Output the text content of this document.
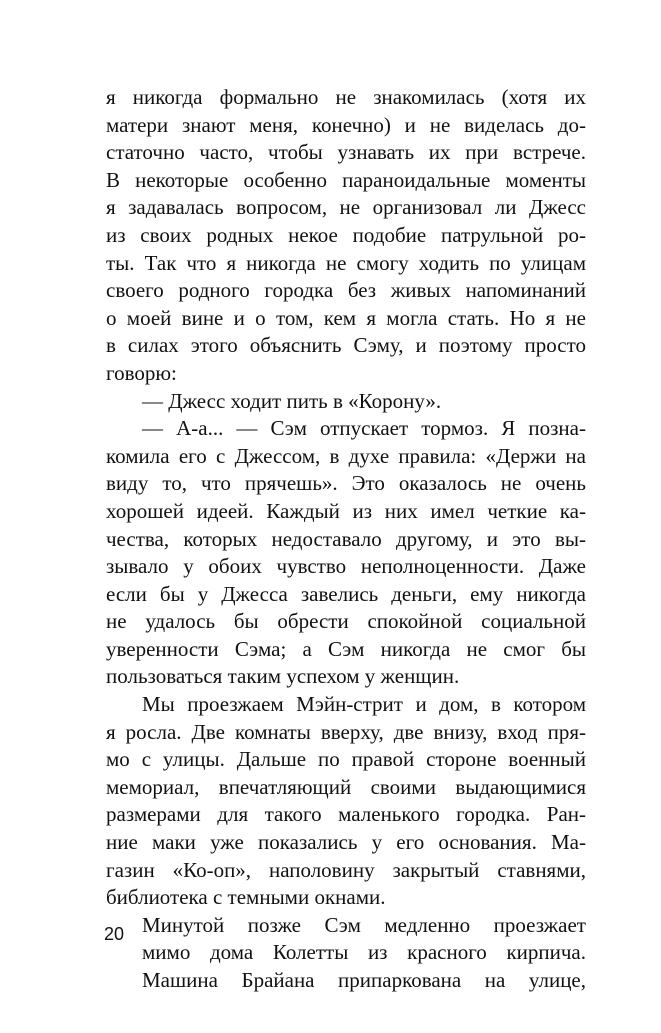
я никогда формально не знакомилась (хотя их
матери знают меня, конечно) и не виделась до-
статочно часто, чтобы узнавать их при встрече.
В некоторые особенно параноидальные моменты
я задавалась вопросом, не организовал ли Джесс
из своих родных некое подобие патрульной ро-
ты. Так что я никогда не смогу ходить по улицам
своего родного городка без живых напоминаний
о моей вине и о том, кем я могла стать. Но я не
в силах этого объяснить Сэму, и поэтому просто
говорю:
— Джесс ходит пить в «Корону».
— А-а... — Сэм отпускает тормоз. Я позна-
комила его с Джессом, в духе правила: «Держи на
виду то, что прячешь». Это оказалось не очень
хорошей идеей. Каждый из них имел четкие ка-
чества, которых недоставало другому, и это вы-
зывало у обоих чувство неполноценности. Даже
если бы у Джесса завелись деньги, ему никогда
не удалось бы обрести спокойной социальной
уверенности Сэма; а Сэм никогда не смог бы
пользоваться таким успехом у женщин.
Мы проезжаем Мэйн-стрит и дом, в котором
я росла. Две комнаты вверху, две внизу, вход пря-
мо с улицы. Дальше по правой стороне военный
мемориал, впечатляющий своими выдающимися
размерами для такого маленького городка. Ран-
ние маки уже показались у его основания. Ма-
газин «Ко-оп», наполовину закрытый ставнями,
библиотека с темными окнами.
Минутой позже Сэм медленно проезжает
мимо дома Колетты из красного кирпича.
Машина Брайана припаркована на улице,
20
